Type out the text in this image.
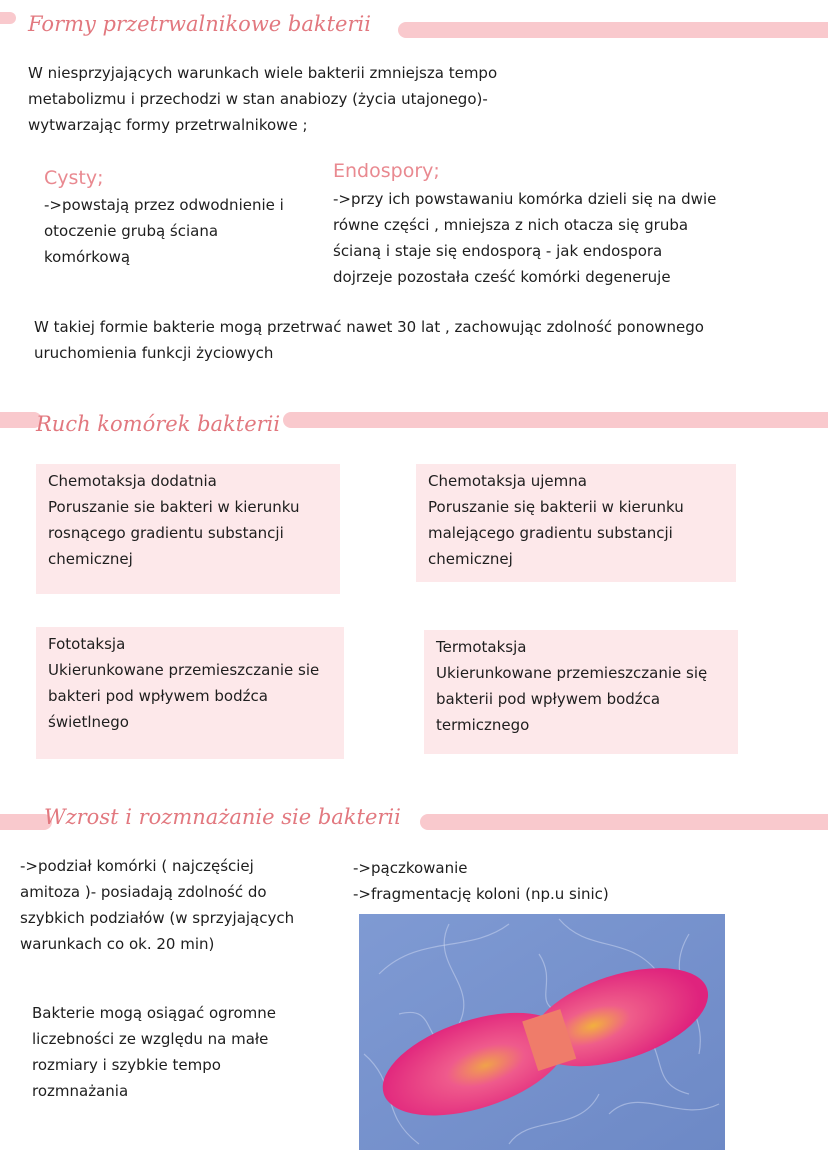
Formy przetrwalnikowe bakterii
W niesprzyjających warunkach wiele bakterii zmniejsza tempo
metabolizmu i przechodzi w stan anabiozy (życia utajonego)-
wytwarzając formy przetrwalnikowe ;
Cysty;
->powstają przez odwodnienie i
otoczenie grubą ściana
komórkową
Endospory;
->przy ich powstawaniu komórka dzieli się na dwie
równe części , mniejsza z nich otacza się gruba
ścianą i staje się endosporą - jak endospora
dojrzeje pozostała cześć komórki degeneruje
W takiej formie bakterie mogą przetrwać nawet 30 lat , zachowując zdolność ponownego
uruchomienia funkcji życiowych
Ruch komórek bakterii
Chemotaksja dodatnia
Poruszanie sie bakteri w kierunku
rosnącego gradientu substancji
chemicznej
Chemotaksja ujemna
Poruszanie się bakterii w kierunku
malejącego gradientu substancji
chemicznej
Fototaksja
Ukierunkowane przemieszczanie sie
bakteri pod wpływem bodźca
świetlnego
Termotaksja
Ukierunkowane przemieszczanie się
bakterii pod wpływem bodźca
termicznego
Wzrost i rozmnażanie sie bakterii
->podział komórki ( najczęściej
amitoza )- posiadają zdolność do
szybkich podziałów (w sprzyjających
warunkach co ok. 20 min)
->pączkowanie
->fragmentację koloni (np.u sinic)
Bakterie mogą osiągać ogromne
liczebności ze względu na małe
rozmiary i szybkie tempo
rozmnażania
